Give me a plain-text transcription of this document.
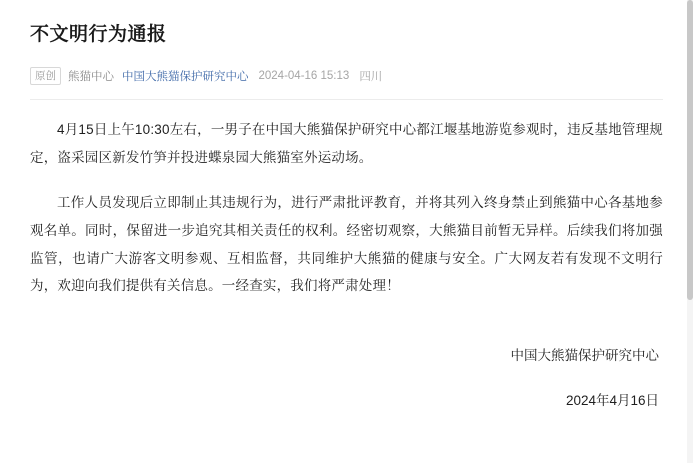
不文明行为通报
原创	熊猫中心 中国大熊猫保护研究中心 2024-04-16 15:13 四川

4月15日上午10:30左右，一男子在中国大熊猫保护研究中心都江堰基地游览参观时，违反基地管理规定，盗采园区新发竹笋并投进蝶泉园大熊猫室外运动场。

工作人员发现后立即制止其违规行为，进行严肃批评教育，并将其列入终身禁止到熊猫中心各基地参观名单。同时，保留进一步追究其相关责任的权利。经密切观察，大熊猫目前暂无异样。后续我们将加强监管，也请广大游客文明参观、互相监督，共同维护大熊猫的健康与安全。广大网友若有发现不文明行为，欢迎向我们提供有关信息。一经查实，我们将严肃处理！

中国大熊猫保护研究中心
2024年4月16日
